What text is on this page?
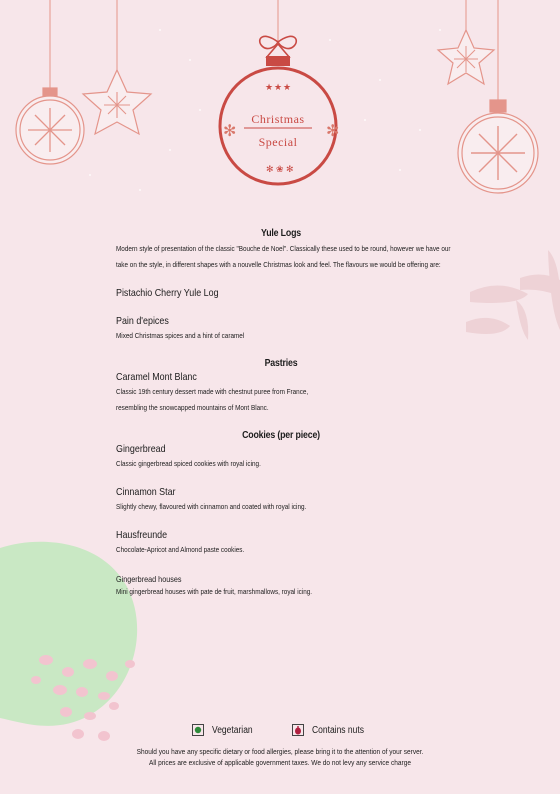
★ ★ ★
✻ ❀ ✻
✻	✻
Christmas
Special
Yule Logs
Modern style of presentation of the classic "Bouche de Noel". Classically these used to be round, however we have our take on the style, in different shapes with a nouvelle Christmas look and feel. The flavours we would be offering are:
Pistachio Cherry Yule Log
Pain d'epices
Mixed Christmas spices and a hint of caramel
Pastries
Caramel Mont Blanc
Classic 19th century dessert made with chestnut puree from France, resembling the snowcapped mountains of Mont Blanc.
Cookies (per piece)
Gingerbread
Classic gingerbread spiced cookies with royal icing.
Cinnamon Star
Slightly chewy, flavoured with cinnamon and coated with royal icing.
Hausfreunde
Chocolate-Apricot and Almond paste cookies.
Gingerbread houses
Mini gingerbread houses with pate de fruit, marshmallows, royal icing.
Vegetarian	Contains nuts
Should you have any specific dietary or food allergies, please bring it to the attention of your server.
All prices are exclusive of applicable government taxes. We do not levy any service charge
